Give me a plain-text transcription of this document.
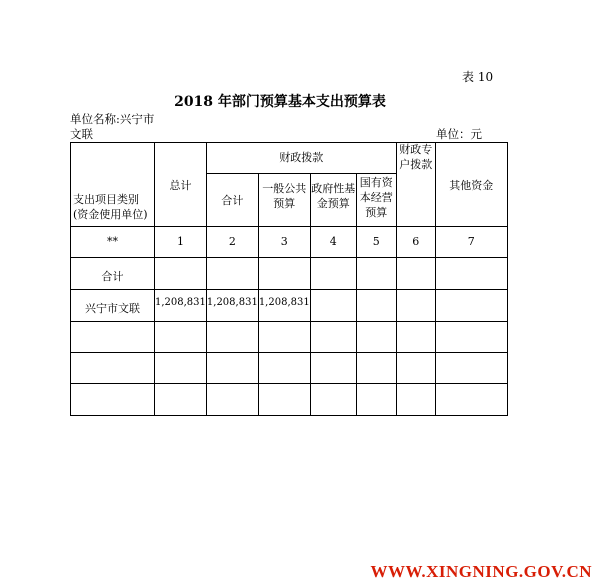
表 10
2018 年部门预算基本支出预算表
单位名称:兴宁市
文联	单位：元
支出项目类别(资金使用单位)	总计	财政拨款				财政专户拨款	其他资金
		合计	一般公共预算	政府性基金预算	国有资本经营预算		

**	1	2	3	4	5	6	7
合计							
兴宁市文联	1,208,831	1,208,831	1,208,831				

WWW.XINGNING.GOV.CN
